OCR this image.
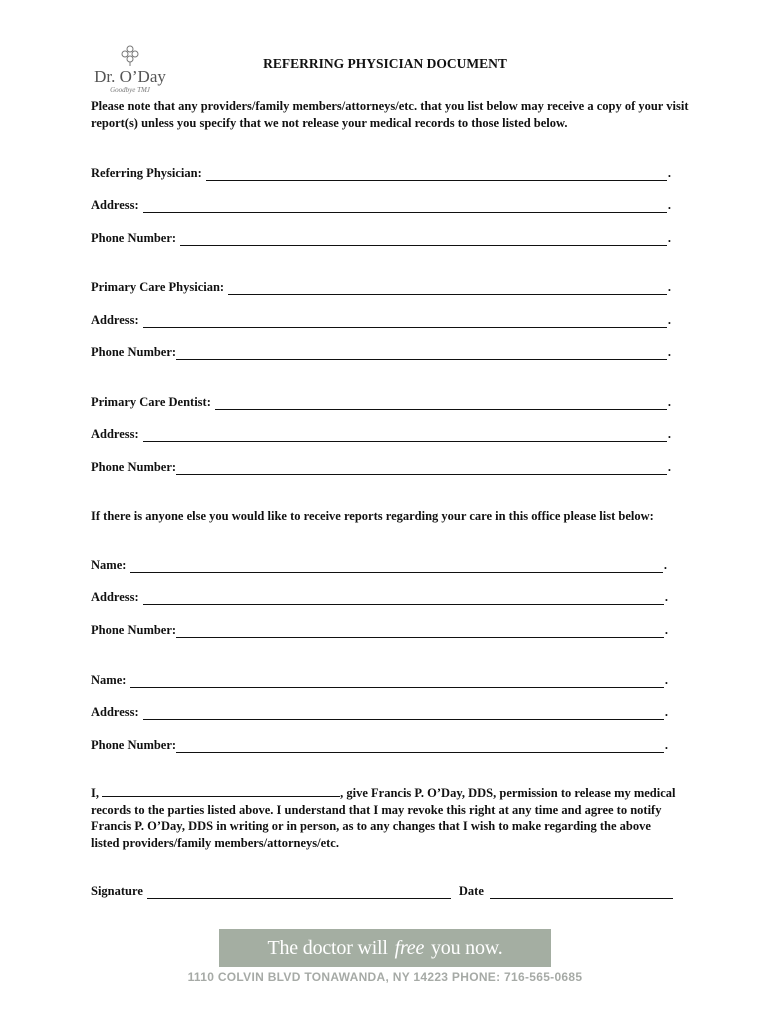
Dr. O’Day
Goodbye TMJ
REFERRING PHYSICIAN DOCUMENT
Please note that any providers/family members/attorneys/etc. that you list below may receive a copy of your visit report(s) unless you specify that we not release your medical records to those listed below.
Referring Physician:	.
Address:	.
Phone Number:	.
Primary Care Physician:	.
Address:	.
Phone Number:	.
Primary Care Dentist:	.
Address:	.
Phone Number:	.
If there is anyone else you would like to receive reports regarding your care in this office please list below:
Name:	.
Address:	.
Phone Number:	.
Name:	.
Address:	.
Phone Number:	.
I,	, give Francis P. O’Day, DDS, permission to release my medical records to the parties listed above. I understand that I may revoke this right at any time and agree to notify Francis P. O’Day, DDS in writing or in person, as to any changes that I wish to make regarding the above listed providers/family members/attorneys/etc.
Signature	Date
The doctor will
free
you now.
1110 COLVIN BLVD TONAWANDA, NY 14223 PHONE: 716-565-0685
